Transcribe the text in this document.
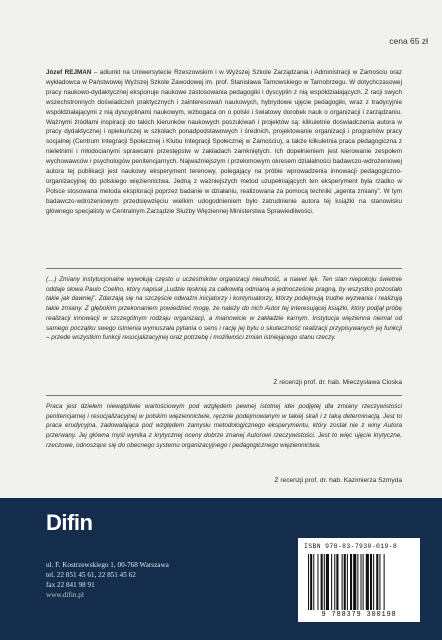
cena 65 zł
Józef REJMAN – adiunkt na Uniwersytecie Rzeszowskim i w Wyższej Szkole Zarządzania i Administracji w Zamościu oraz wykładowca w Państwowej Wyższej Szkole Zawodowej im. prof. Stanisława Tarnowskiego w Tarnobrzegu. W dotychczasowej pracy naukowo-dydaktycznej eksponuje naukowe zastosowania pedagogiki i dyscyplin z nią współdziałających. Z racji swych wszechstronnych doświadczeń praktycznych i zainteresowań naukowych, hybrydowe ujęcie pedagogiki, wraz z tradycyjnie współdziałającymi z nią dyscyplinami naukowym, wzbogaca on o polski i światowy dorobek nauk o organizacji i zarządzaniu. Ważnymi źródłami inspiracji do takich kierunków naukowych poszukiwań i projektów są: kilkuletnie doświadczenia autora w pracy dydaktycznej i opiekuńczej w szkołach ponadpodstawowych i średnich, projektowanie organizacji i programów pracy socjalnej (Centrum Integracji Społecznej i Klubu Integracji Społecznej w Zamościu), a także kilkuletnia praca pedagogiczna z nieletnimi i młodocianymi sprawcami przestępstw w zakładach zamkniętych. Ich dopełnieniem jest kierowanie zespołem wychowawców i psychologów penitencjarnych. Najważniejszym i przełomowym okresem działalności badawczo-wdrożeniowej autora tej publikacji jest naukowy eksperyment terenowy, polegający na próbie wprowadzenia innowacji pedagogiczno-organizacyjnej do polskiego więziennictwa. Jedną z ważniejszych metod uzupełniających ten eksperyment była rzadko w Polsce stosowana metoda eksploracji poprzez badanie w działaniu, realizowana za pomocą techniki „agenta zmiany”. W tym badawczo-wdrożeniowym przedsięwzięciu wielkim udogodnieniem było zatrudnienie autora tej książki na stanowisku głównego specjalisty w Centralnym Zarządzie Służby Więziennej Ministerstwa Sprawiedliwości.
(…) Zmiany instytucjonalne wywołują często u uczestników organizacji nieufność, a nawet lęk. Ten stan niepokoju świetnie oddaje słowa Paulo Coelho, który napisał „Ludzie tęsknią za całkowitą odmianą a jednocześnie pragną, by wszystko pozostało takie jak dawniej”. Zdarzają się na szczęście odważni inicjatorzy i kontynuatorzy, którzy podejmują trudne wyzwania i realizują takie zmiany. Z głębokim przekonaniem powiedzieć mogę, że należy do nich Autor tej interesującej książki, który podjął próbę realizacji innowacji w szczególnym rodzaju organizacji, a mianowicie w zakładzie karnym. Instytucja więzienna niemal od samego początku swego istnienia wymuszała pytania o sens i rację jej bytu o skuteczność realizacji przypisywanych jej funkcji – przede wszystkim funkcji resocjalizacyjnej oraz potrzebę i możliwości zmian istniejącego stanu rzeczy.
Z recenzji prof. dr. hab. Mieczysława Cioska
Praca jest dziełem niewątpliwie wartościowym pod względem pewnej istotnej idei podjętej dla zmiany rzeczywistości penitencjarnej i resocjalizacyjnej w polskim więziennictwie, ręcznie podejmowanym w takiej skali i z taką determinacją. Jest to praca erudycyjna, zadowalająca pod względem zamysłu metodologicznego eksperymentu, który został nie z winy Autora przerwany. Jej główna myśl wynika z krytycznej oceny dobrze znanej Autorowi rzeczywistości. Jest to więc ujęcie krytyczne, rzeczowe, odnoszące się do obecnego systemu organizacyjnego i pedagogicznego więziennictwa.
Z recenzji prof. dr. hab. Kazimierza Szmyda
Difin
ul. F. Kostrzewskiego 1, 00-768 Warszawa
tel. 22 851 45 61, 22 851 45 62
fax 22 841 98 91
www.difin.pl
ISBN 978-83-7930-019-8
9 788379 300198
